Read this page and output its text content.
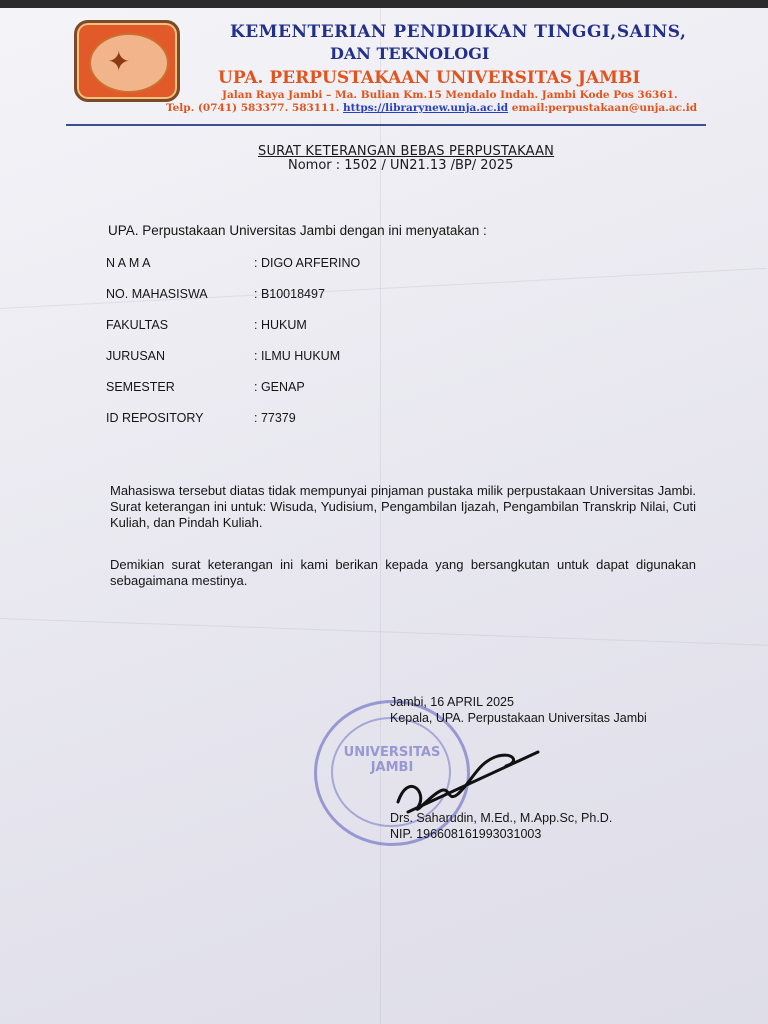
✦
KEMENTERIAN PENDIDIKAN TINGGI,SAINS,
DAN TEKNOLOGI
UPA. PERPUSTAKAAN UNIVERSITAS JAMBI
Jalan Raya Jambi – Ma. Bulian Km.15 Mendalo Indah. Jambi Kode Pos 36361.
Telp. (0741) 583377. 583111. https://librarynew.unja.ac.id email:perpustakaan@unja.ac.id
SURAT KETERANGAN BEBAS PERPUSTAKAAN
Nomor : 1502 / UN21.13 /BP/ 2025
UPA. Perpustakaan Universitas Jambi dengan ini menyatakan :
N A M A	: DIGO ARFERINO
NO. MAHASISWA	: B10018497
FAKULTAS	: HUKUM
JURUSAN	: ILMU HUKUM
SEMESTER	: GENAP
ID REPOSITORY	: 77379
Mahasiswa tersebut diatas tidak mempunyai pinjaman pustaka milik perpustakaan Universitas Jambi. Surat keterangan ini untuk: Wisuda, Yudisium, Pengambilan Ijazah, Pengambilan Transkrip Nilai, Cuti Kuliah, dan Pindah Kuliah.
Demikian surat keterangan ini kami berikan kepada yang bersangkutan untuk dapat digunakan sebagaimana mestinya.
UNIVERSITAS JAMBI
Jambi, 16 APRIL 2025
Kepala, UPA. Perpustakaan Universitas Jambi
Drs. Saharudin, M.Ed., M.App.Sc, Ph.D.
NIP. 196608161993031003
